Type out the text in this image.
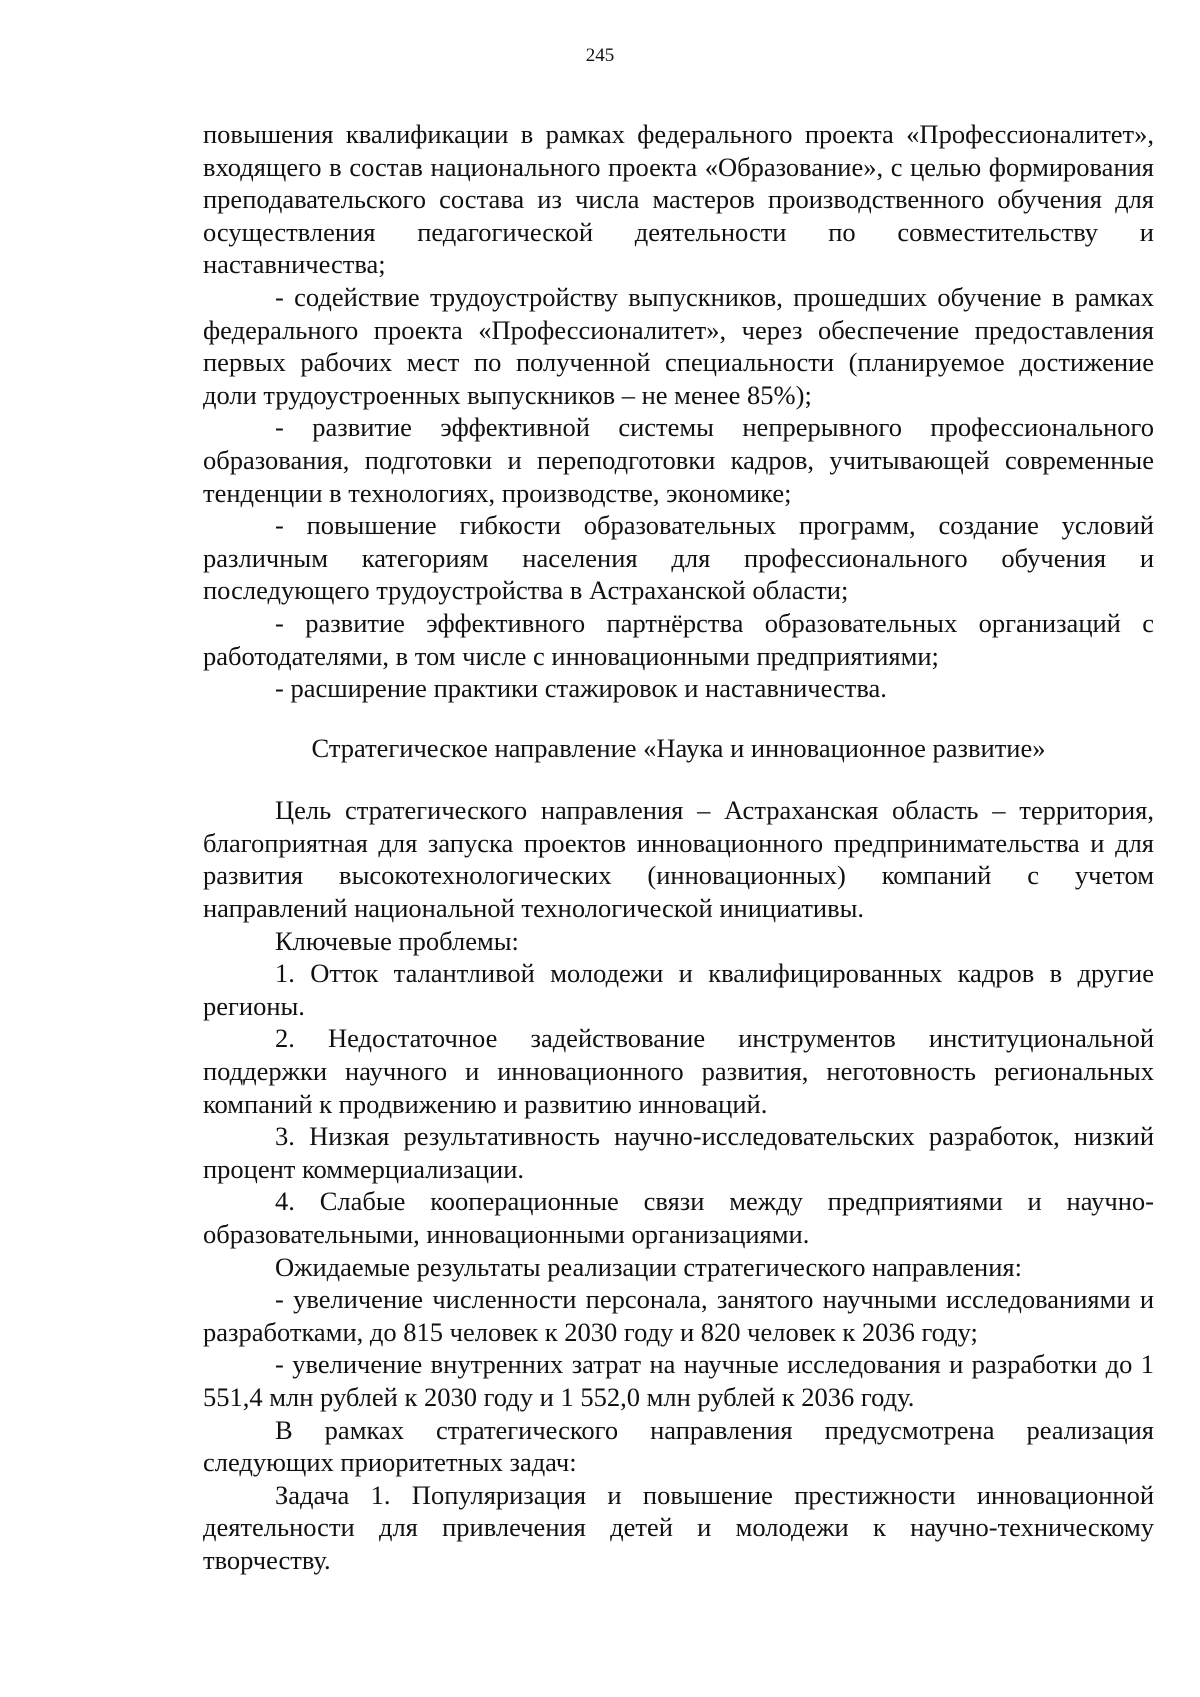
245

повышения квалификации в рамках федерального проекта «Профессионалитет», входящего в состав национального проекта «Образование», с целью формирования преподавательского состава из числа мастеров производственного обучения для осуществления педагогической деятельности по совместительству и наставничества;

- содействие трудоустройству выпускников, прошедших обучение в рамках федерального проекта «Профессионалитет», через обеспечение предоставления первых рабочих мест по полученной специальности (планируемое достижение доли трудоустроенных выпускников – не менее 85%);

- развитие эффективной системы непрерывного профессионального образования, подготовки и переподготовки кадров, учитывающей современные тенденции в технологиях, производстве, экономике;

- повышение гибкости образовательных программ, создание условий различным категориям населения для профессионального обучения и последующего трудоустройства в Астраханской области;

- развитие эффективного партнёрства образовательных организаций с работодателями, в том числе с инновационными предприятиями;

- расширение практики стажировок и наставничества.

Стратегическое направление «Наука и инновационное развитие»

Цель стратегического направления – Астраханская область – территория, благоприятная для запуска проектов инновационного предпринимательства и для развития высокотехнологических (инновационных) компаний с учетом направлений национальной технологической инициативы.

Ключевые проблемы:

1. Отток талантливой молодежи и квалифицированных кадров в другие регионы.

2. Недостаточное задействование инструментов институциональной поддержки научного и инновационного развития, неготовность региональных компаний к продвижению и развитию инноваций.

3. Низкая результативность научно-исследовательских разработок, низкий процент коммерциализации.

4. Слабые кооперационные связи между предприятиями и научно-образовательными, инновационными организациями.

Ожидаемые результаты реализации стратегического направления:

- увеличение численности персонала, занятого научными исследованиями и разработками, до 815 человек к 2030 году и 820 человек к 2036 году;

- увеличение внутренних затрат на научные исследования и разработки до 1 551,4 млн рублей к 2030 году и 1 552,0 млн рублей к 2036 году.

В рамках стратегического направления предусмотрена реализация следующих приоритетных задач:

Задача 1. Популяризация и повышение престижности инновационной деятельности для привлечения детей и молодежи к научно-техническому творчеству.
